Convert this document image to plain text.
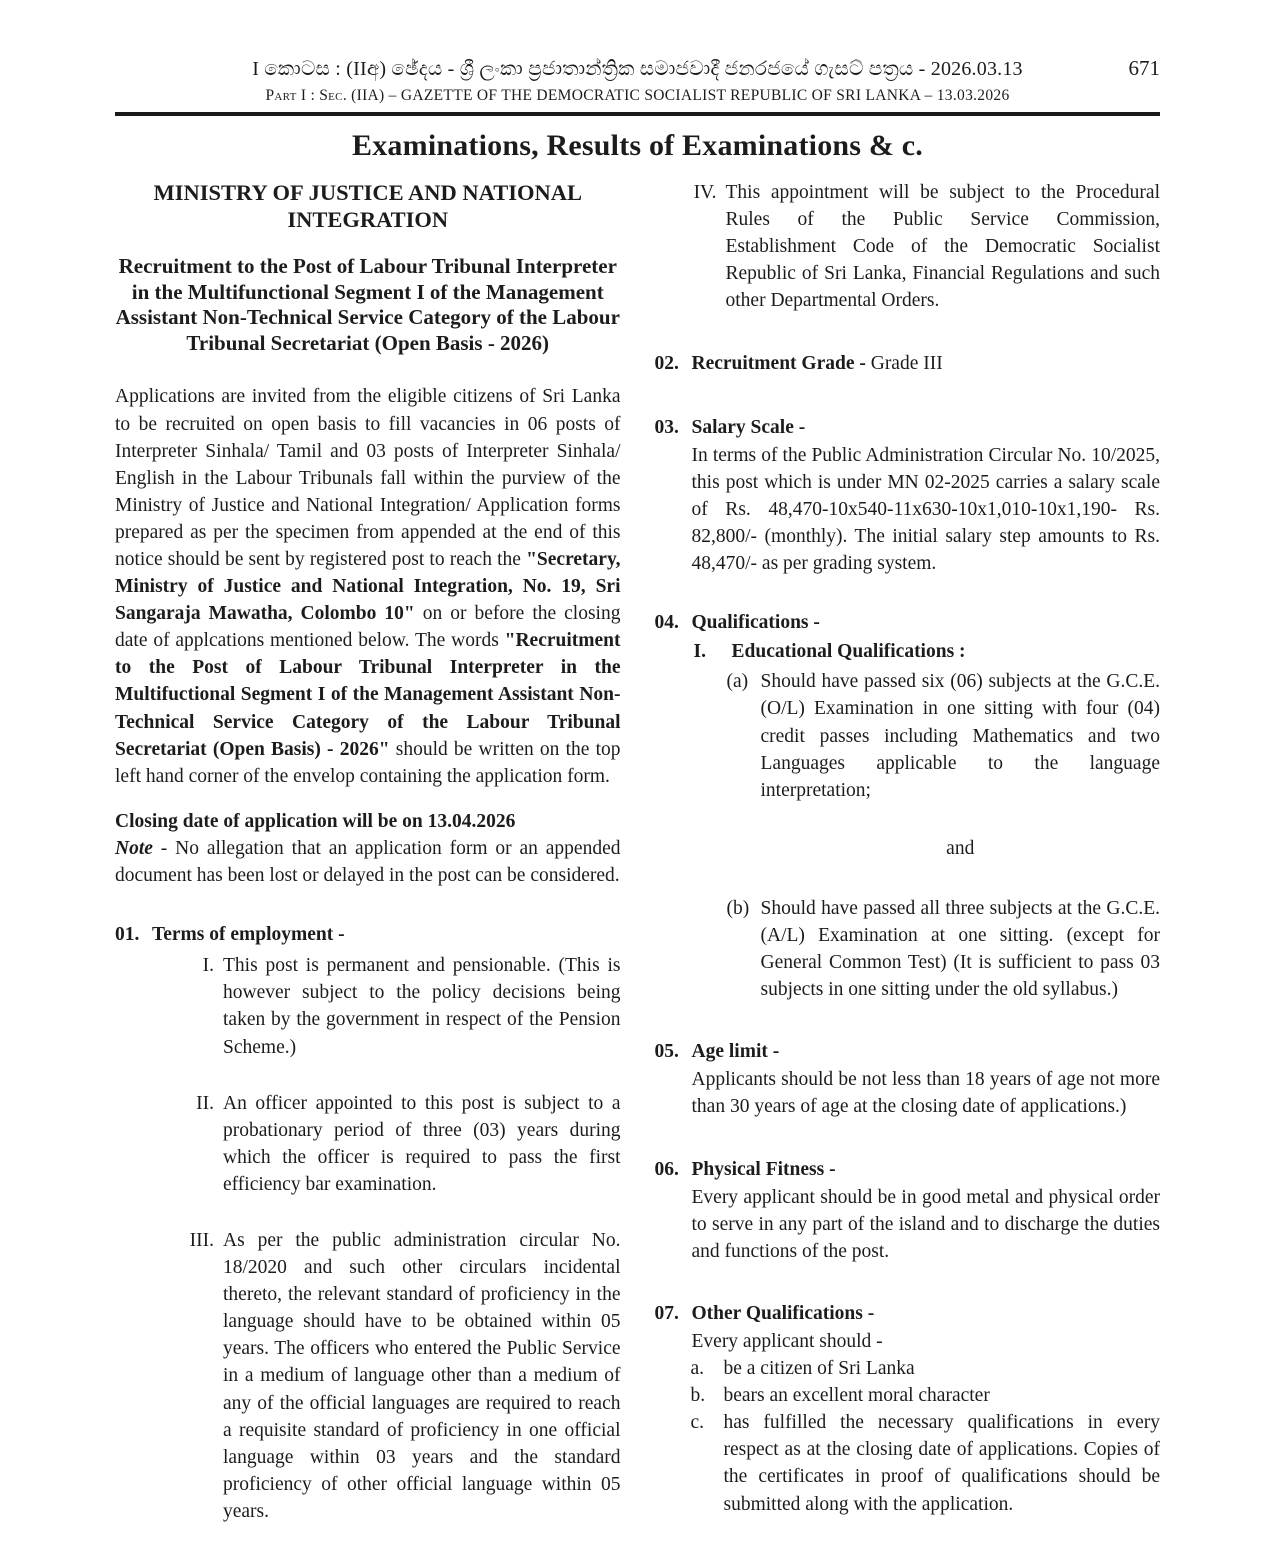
I කොටස : (IIඅ) ඡේදය - ශ්‍රී ලංකා ප්‍රජාතාන්ත්‍රික සමාජවාදී ජනරජයේ ගැසට් පත්‍රය - 2026.03.13	671
Part I : Sec. (IIA) – GAZETTE OF THE DEMOCRATIC SOCIALIST REPUBLIC OF SRI LANKA – 13.03.2026
Examinations, Results of Examinations & c.
MINISTRY OF JUSTICE AND NATIONAL INTEGRATION
Recruitment to the Post of Labour Tribunal Interpreter in the Multifunctional Segment I of the Management Assistant Non-Technical Service Category of the Labour Tribunal Secretariat (Open Basis - 2026)

Applications are invited from the eligible citizens of Sri Lanka to be recruited on open basis to fill vacancies in 06 posts of Interpreter Sinhala/ Tamil and 03 posts of Interpreter Sinhala/ English in the Labour Tribunals fall within the purview of the Ministry of Justice and National Integration/ Application forms prepared as per the specimen from appended at the end of this notice should be sent by registered post to reach the "Secretary, Ministry of Justice and National Integration, No. 19, Sri Sangaraja Mawatha, Colombo 10" on or before the closing date of applcations mentioned below. The words "Recruitment to the Post of Labour Tribunal Interpreter in the Multifuctional Segment I of the Management Assistant Non-Technical Service Category of the Labour Tribunal Secretariat (Open Basis) - 2026" should be written on the top left hand corner of the envelop containing the application form.

Closing date of application will be on 13.04.2026

Note - No allegation that an application form or an appended document has been lost or delayed in the post can be considered.

01. Terms of employment -
I. This post is permanent and pensionable. (This is however subject to the policy decisions being taken by the government in respect of the Pension Scheme.)
II. An officer appointed to this post is subject to a probationary period of three (03) years during which the officer is required to pass the first efficiency bar examination.
III. As per the public administration circular No. 18/2020 and such other circulars incidental thereto, the relevant standard of proficiency in the language should have to be obtained within 05 years. The officers who entered the Public Service in a medium of language other than a medium of any of the official languages are required to reach a requisite standard of proficiency in one official language within 03 years and the standard proficiency of other official language within 05 years.
IV. This appointment will be subject to the Procedural Rules of the Public Service Commission, Establishment Code of the Democratic Socialist Republic of Sri Lanka, Financial Regulations and such other Departmental Orders.
02. Recruitment Grade - Grade III
03. Salary Scale -
In terms of the Public Administration Circular No. 10/2025, this post which is under MN 02-2025 carries a salary scale of Rs. 48,470-10x540-11x630-10x1,010-10x1,190- Rs. 82,800/- (monthly). The initial salary step amounts to Rs. 48,470/- as per grading system.
04. Qualifications -
I. Educational Qualifications :
(a) Should have passed six (06) subjects at the G.C.E. (O/L) Examination in one sitting with four (04) credit passes including Mathematics and two Languages applicable to the language interpretation;
and
(b) Should have passed all three subjects at the G.C.E. (A/L) Examination at one sitting. (except for General Common Test) (It is sufficient to pass 03 subjects in one sitting under the old syllabus.)
05. Age limit -
Applicants should be not less than 18 years of age not more than 30 years of age at the closing date of applications.)
06. Physical Fitness -
Every applicant should be in good metal and physical order to serve in any part of the island and to discharge the duties and functions of the post.
07. Other Qualifications -
Every applicant should -
a. be a citizen of Sri Lanka
b. bears an excellent moral character
c. has fulfilled the necessary qualifications in every respect as at the closing date of applications. Copies of the certificates in proof of qualifications should be submitted along with the application.
